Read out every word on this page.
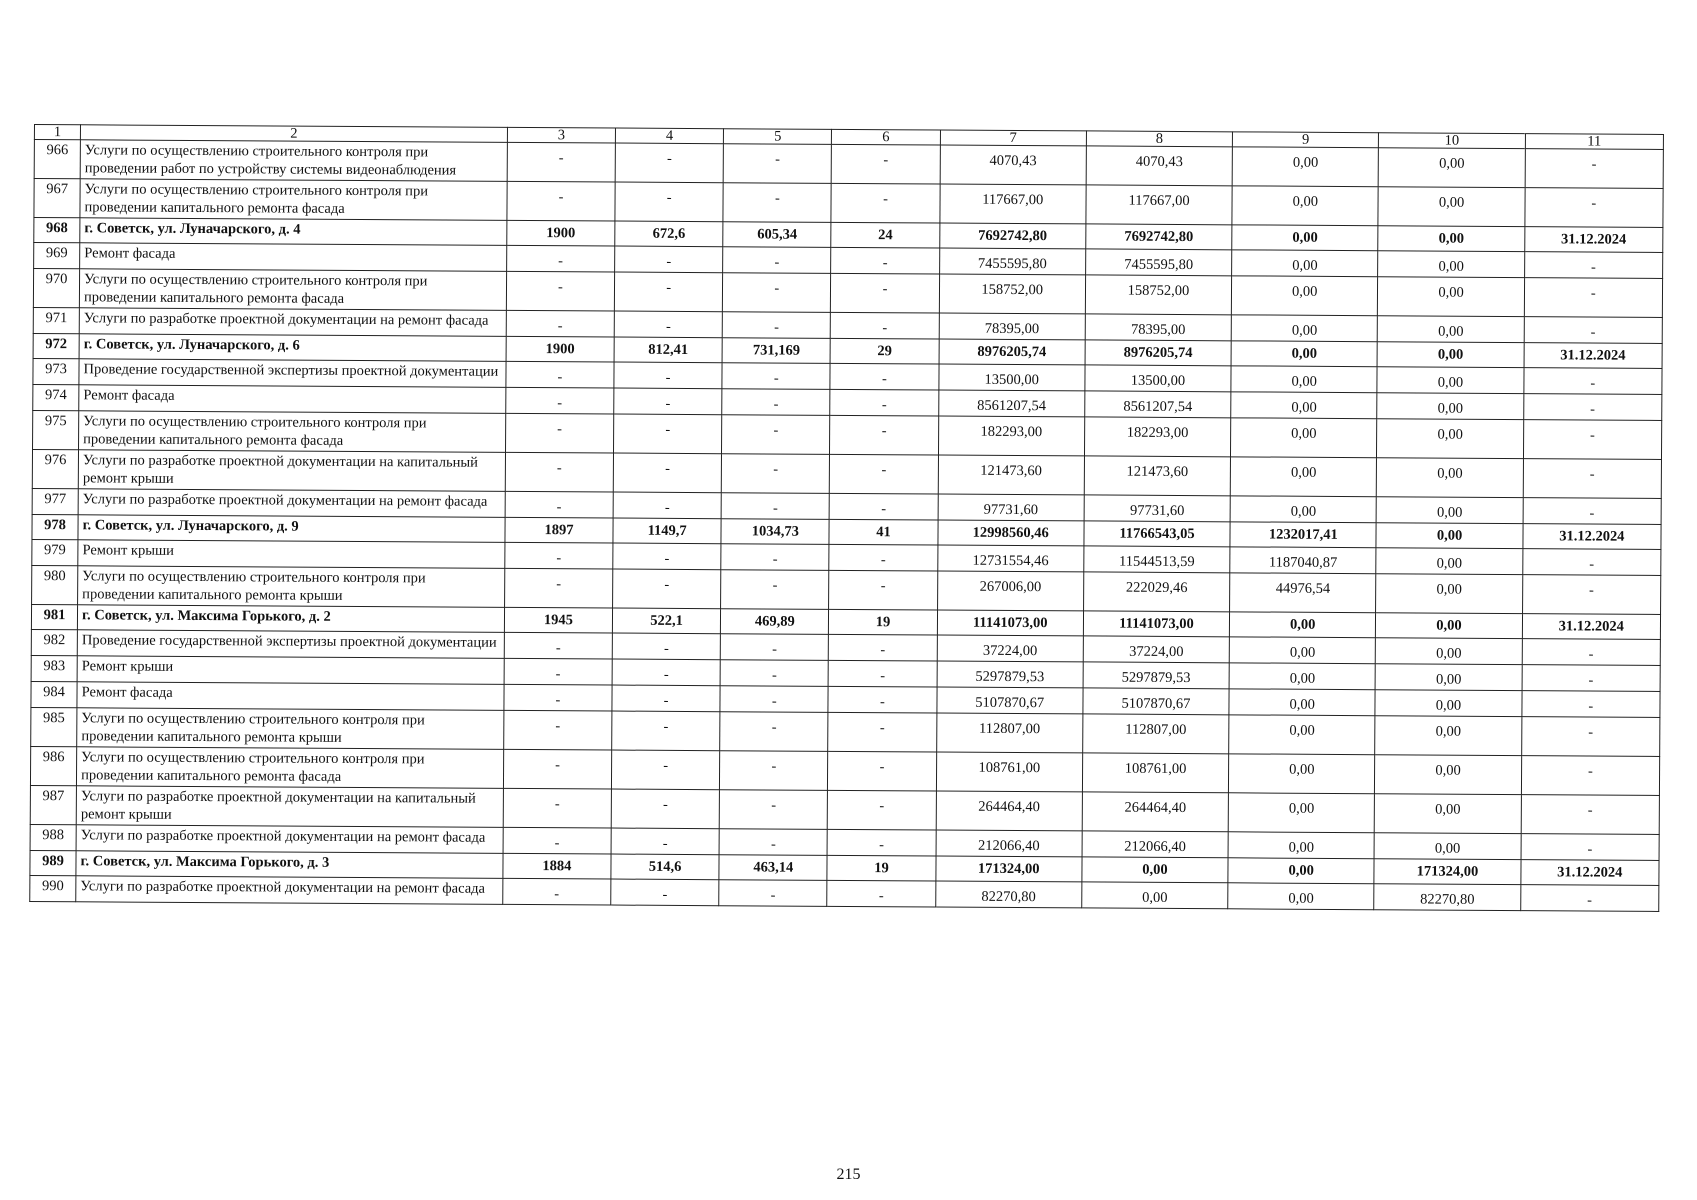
1	2	3	4	5	6	7	8	9	10	11
966	Услуги по осуществлению строительного контроля при проведении работ по устройству системы видеонаблюдения	-	-	-	-	4070,43	4070,43	0,00	0,00	-
967	Услуги по осуществлению строительного контроля при проведении капитального ремонта фасада	-	-	-	-	117667,00	117667,00	0,00	0,00	-
968	г. Советск, ул. Луначарского, д. 4	1900	672,6	605,34	24	7692742,80	7692742,80	0,00	0,00	31.12.2024
969	Ремонт фасада	-	-	-	-	7455595,80	7455595,80	0,00	0,00	-
970	Услуги по осуществлению строительного контроля при проведении капитального ремонта фасада	-	-	-	-	158752,00	158752,00	0,00	0,00	-
971	Услуги по разработке проектной документации на ремонт фасада	-	-	-	-	78395,00	78395,00	0,00	0,00	-
972	г. Советск, ул. Луначарского, д. 6	1900	812,41	731,169	29	8976205,74	8976205,74	0,00	0,00	31.12.2024
973	Проведение государственной экспертизы проектной документации	-	-	-	-	13500,00	13500,00	0,00	0,00	-
974	Ремонт фасада	-	-	-	-	8561207,54	8561207,54	0,00	0,00	-
975	Услуги по осуществлению строительного контроля при проведении капитального ремонта фасада	-	-	-	-	182293,00	182293,00	0,00	0,00	-
976	Услуги по разработке проектной документации на капитальный ремонт крыши	-	-	-	-	121473,60	121473,60	0,00	0,00	-
977	Услуги по разработке проектной документации на ремонт фасада	-	-	-	-	97731,60	97731,60	0,00	0,00	-
978	г. Советск, ул. Луначарского, д. 9	1897	1149,7	1034,73	41	12998560,46	11766543,05	1232017,41	0,00	31.12.2024
979	Ремонт крыши	-	-	-	-	12731554,46	11544513,59	1187040,87	0,00	-
980	Услуги по осуществлению строительного контроля при проведении капитального ремонта крыши	-	-	-	-	267006,00	222029,46	44976,54	0,00	-
981	г. Советск, ул. Максима Горького, д. 2	1945	522,1	469,89	19	11141073,00	11141073,00	0,00	0,00	31.12.2024
982	Проведение государственной экспертизы проектной документации	-	-	-	-	37224,00	37224,00	0,00	0,00	-
983	Ремонт крыши	-	-	-	-	5297879,53	5297879,53	0,00	0,00	-
984	Ремонт фасада	-	-	-	-	5107870,67	5107870,67	0,00	0,00	-
985	Услуги по осуществлению строительного контроля при проведении капитального ремонта крыши	-	-	-	-	112807,00	112807,00	0,00	0,00	-
986	Услуги по осуществлению строительного контроля при проведении капитального ремонта фасада	-	-	-	-	108761,00	108761,00	0,00	0,00	-
987	Услуги по разработке проектной документации на капитальный ремонт крыши	-	-	-	-	264464,40	264464,40	0,00	0,00	-
988	Услуги по разработке проектной документации на ремонт фасада	-	-	-	-	212066,40	212066,40	0,00	0,00	-
989	г. Советск, ул. Максима Горького, д. 3	1884	514,6	463,14	19	171324,00	0,00	0,00	171324,00	31.12.2024
990	Услуги по разработке проектной документации на ремонт фасада	-	-	-	-	82270,80	0,00	0,00	82270,80	-
215
